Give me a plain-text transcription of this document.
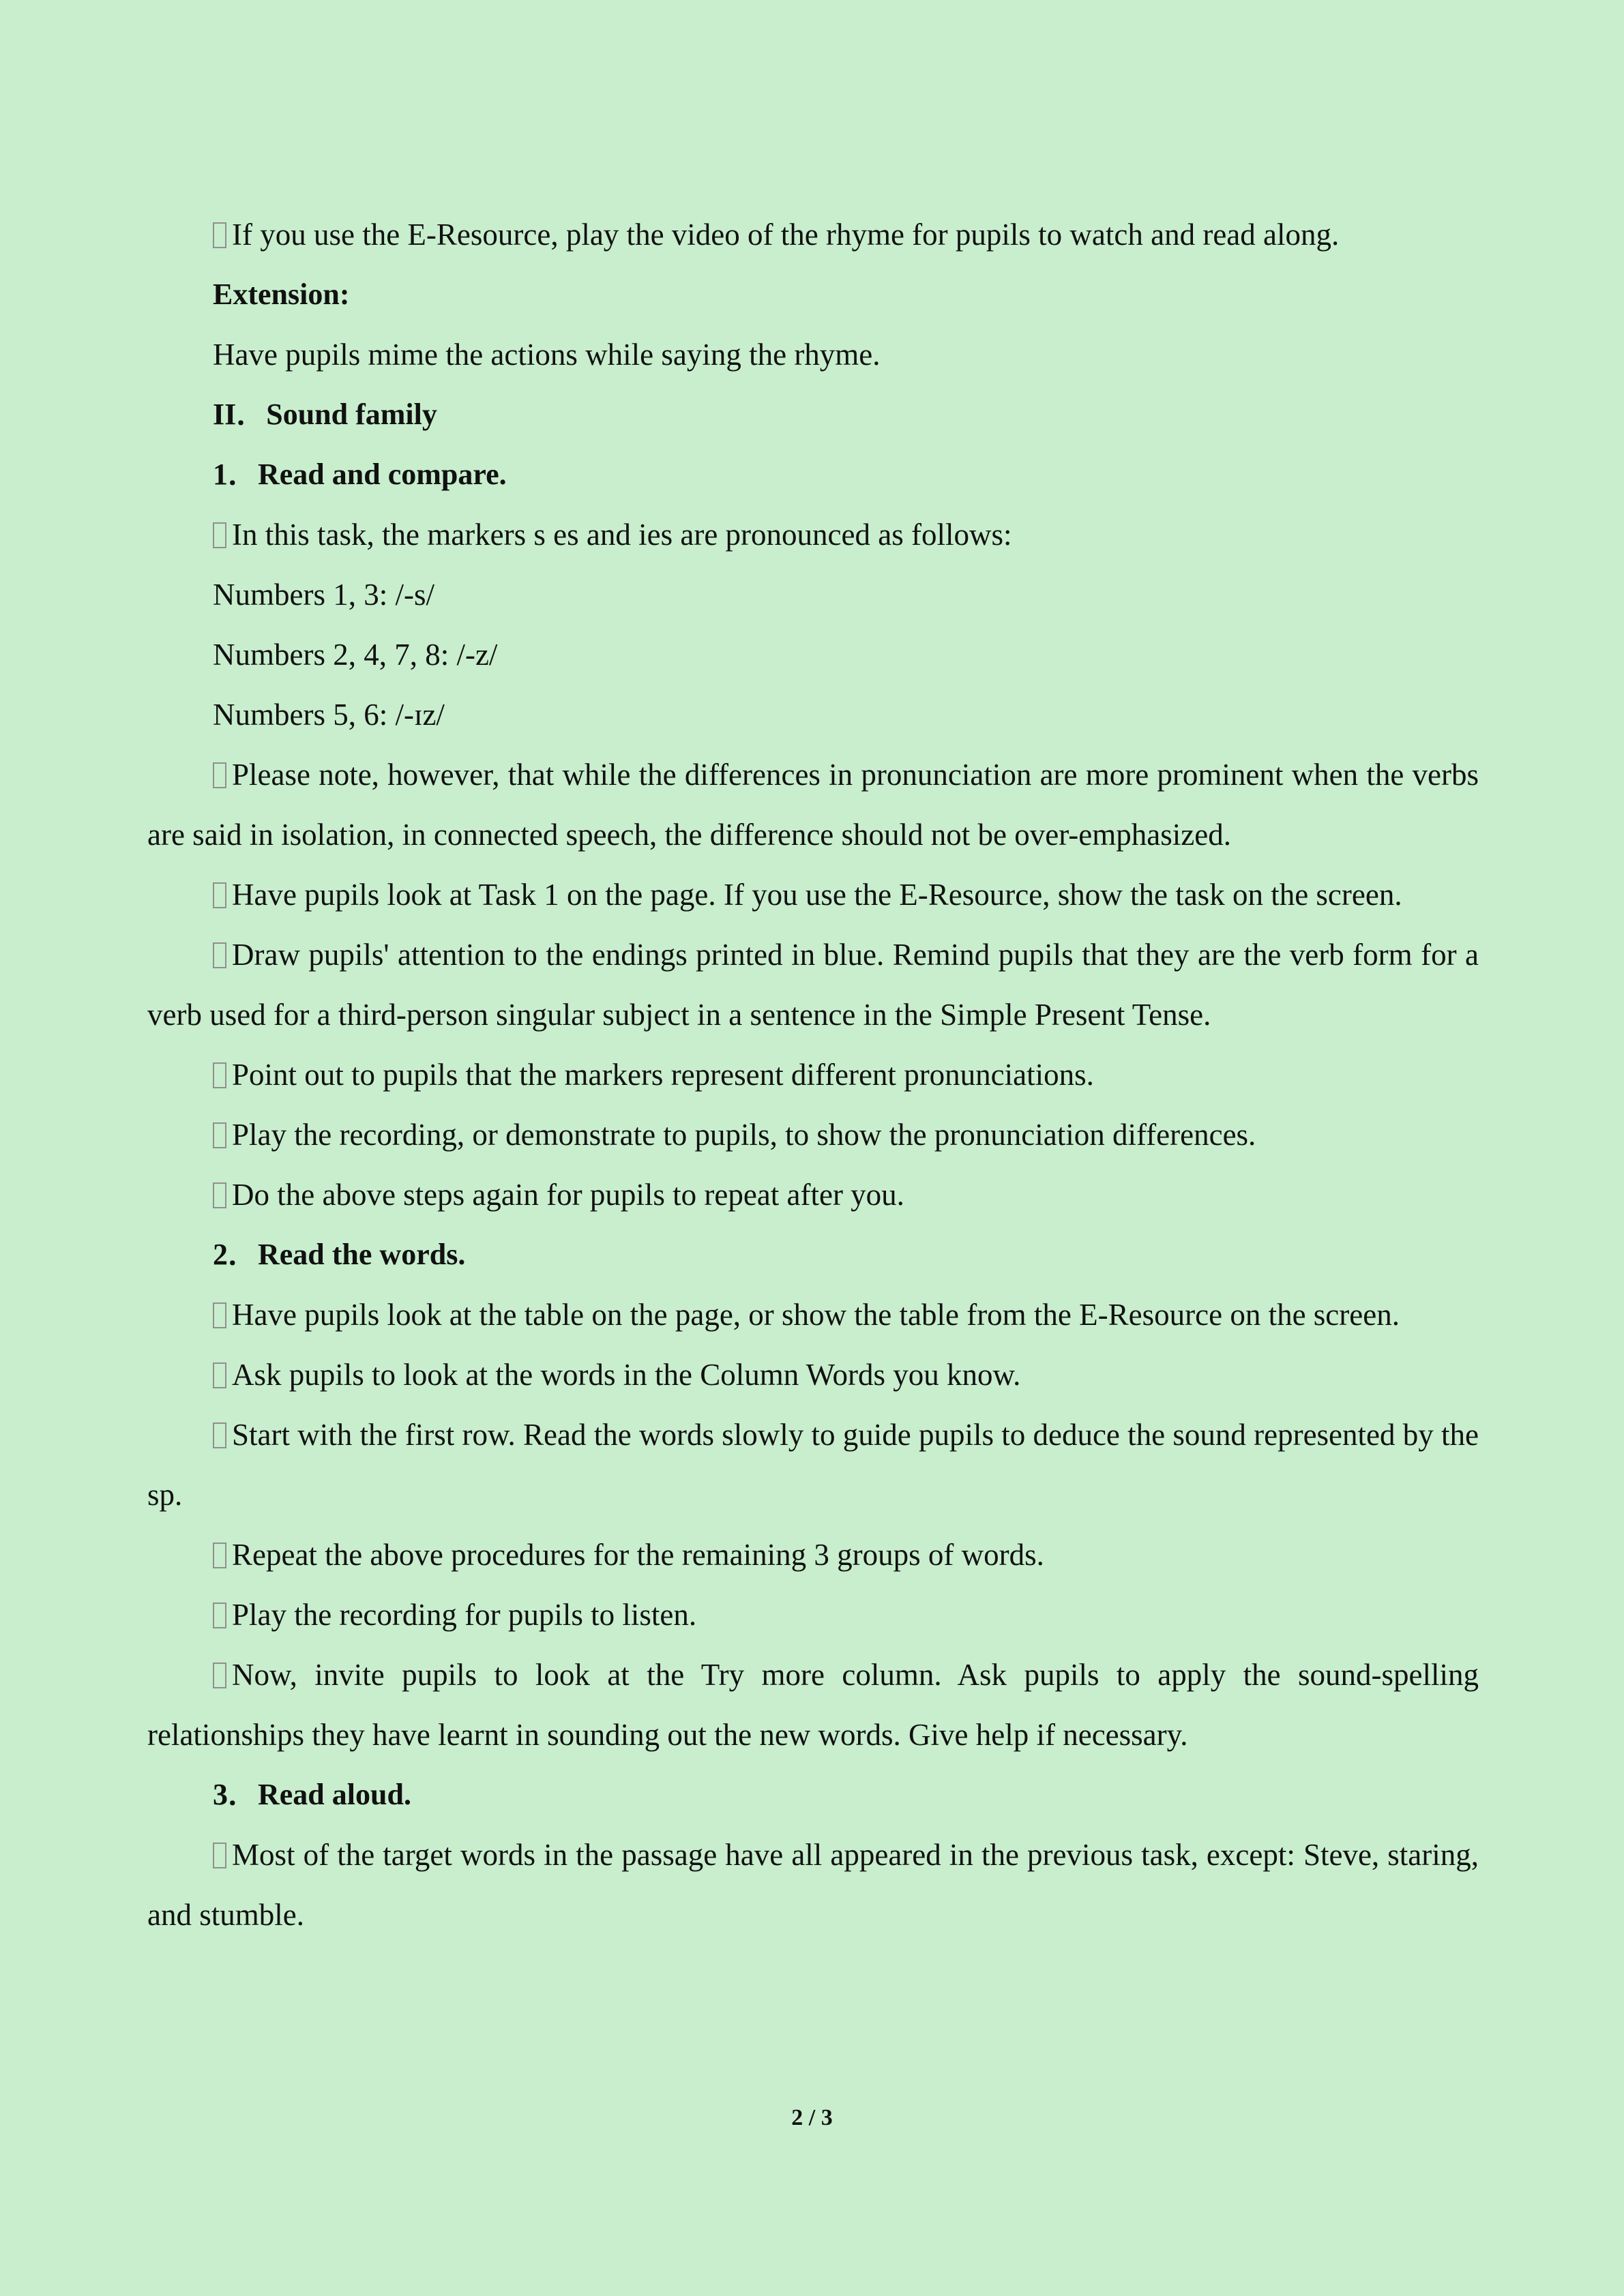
If you use the E-Resource, play the video of the rhyme for pupils to watch and read along.

Extension:

Have pupils mime the actions while saying the rhyme.

II．Sound family

1．Read and compare.

In this task, the markers s es and ies are pronounced as follows:

Numbers 1, 3: /-s/

Numbers 2, 4, 7, 8: /-z/

Numbers 5, 6: /-ɪz/

Please note, however, that while the differences in pronunciation are more prominent when the verbs are said in isolation, in connected speech, the difference should not be over-emphasized.

Have pupils look at Task 1 on the page. If you use the E-Resource, show the task on the screen.

Draw pupils' attention to the endings printed in blue. Remind pupils that they are the verb form for a verb used for a third-person singular subject in a sentence in the Simple Present Tense.

Point out to pupils that the markers represent different pronunciations.

Play the recording, or demonstrate to pupils, to show the pronunciation differences.

Do the above steps again for pupils to repeat after you.

2．Read the words.

Have pupils look at the table on the page, or show the table from the E-Resource on the screen.

Ask pupils to look at the words in the Column Words you know.

Start with the first row. Read the words slowly to guide pupils to deduce the sound represented by the sp.

Repeat the above procedures for the remaining 3 groups of words.

Play the recording for pupils to listen.

Now, invite pupils to look at the Try more column. Ask pupils to apply the sound-spelling relationships they have learnt in sounding out the new words. Give help if necessary.

3．Read aloud.

Most of the target words in the passage have all appeared in the previous task, except: Steve, staring, and stumble.

2 / 3
